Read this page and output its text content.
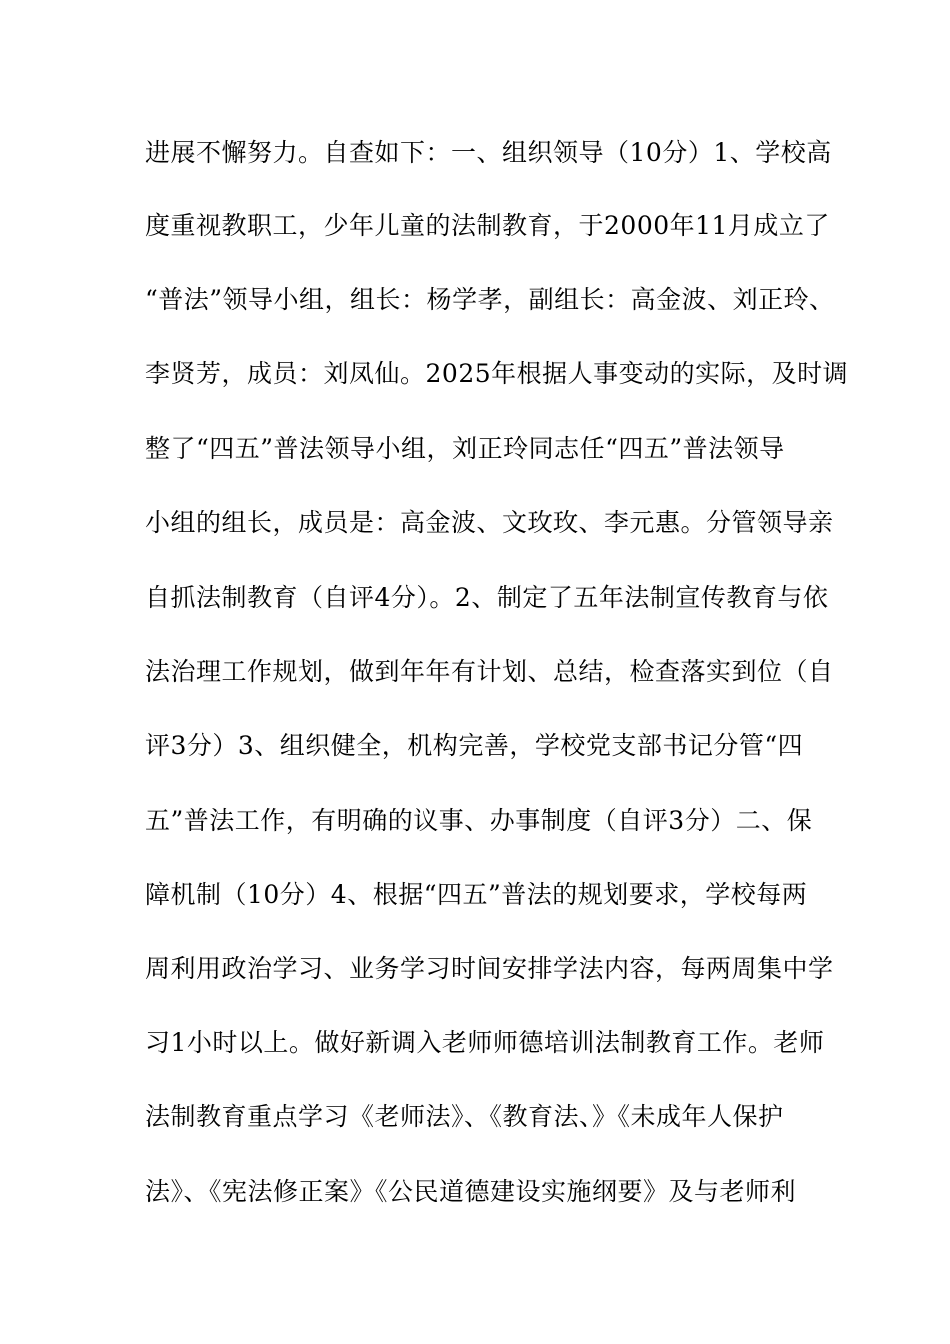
进展不懈努力。自查如下：一、组织领导（10分）1、学校高
度重视教职工，少年儿童的法制教育，于2000年11月成立了
“普法”领导小组，组长：杨学孝，副组长：高金波、刘正玲、
李贤芳，成员：刘凤仙。2025年根据人事变动的实际，及时调
整了“四五”普法领导小组，刘正玲同志任“四五”普法领导
小组的组长，成员是：高金波、文玫玫、李元惠。分管领导亲
自抓法制教育（自评4分）。2、制定了五年法制宣传教育与依
法治理工作规划，做到年年有计划、总结，检查落实到位（自
评3分）3、组织健全，机构完善，学校党支部书记分管“四
五”普法工作，有明确的议事、办事制度（自评3分）二、保
障机制（10分）4、根据“四五”普法的规划要求，学校每两
周利用政治学习、业务学习时间安排学法内容，每两周集中学
习1小时以上。做好新调入老师师德培训法制教育工作。老师
法制教育重点学习《老师法》、《教育法、》《未成年人保护
法》、《宪法修正案》《公民道德建设实施纲要》及与老师利
